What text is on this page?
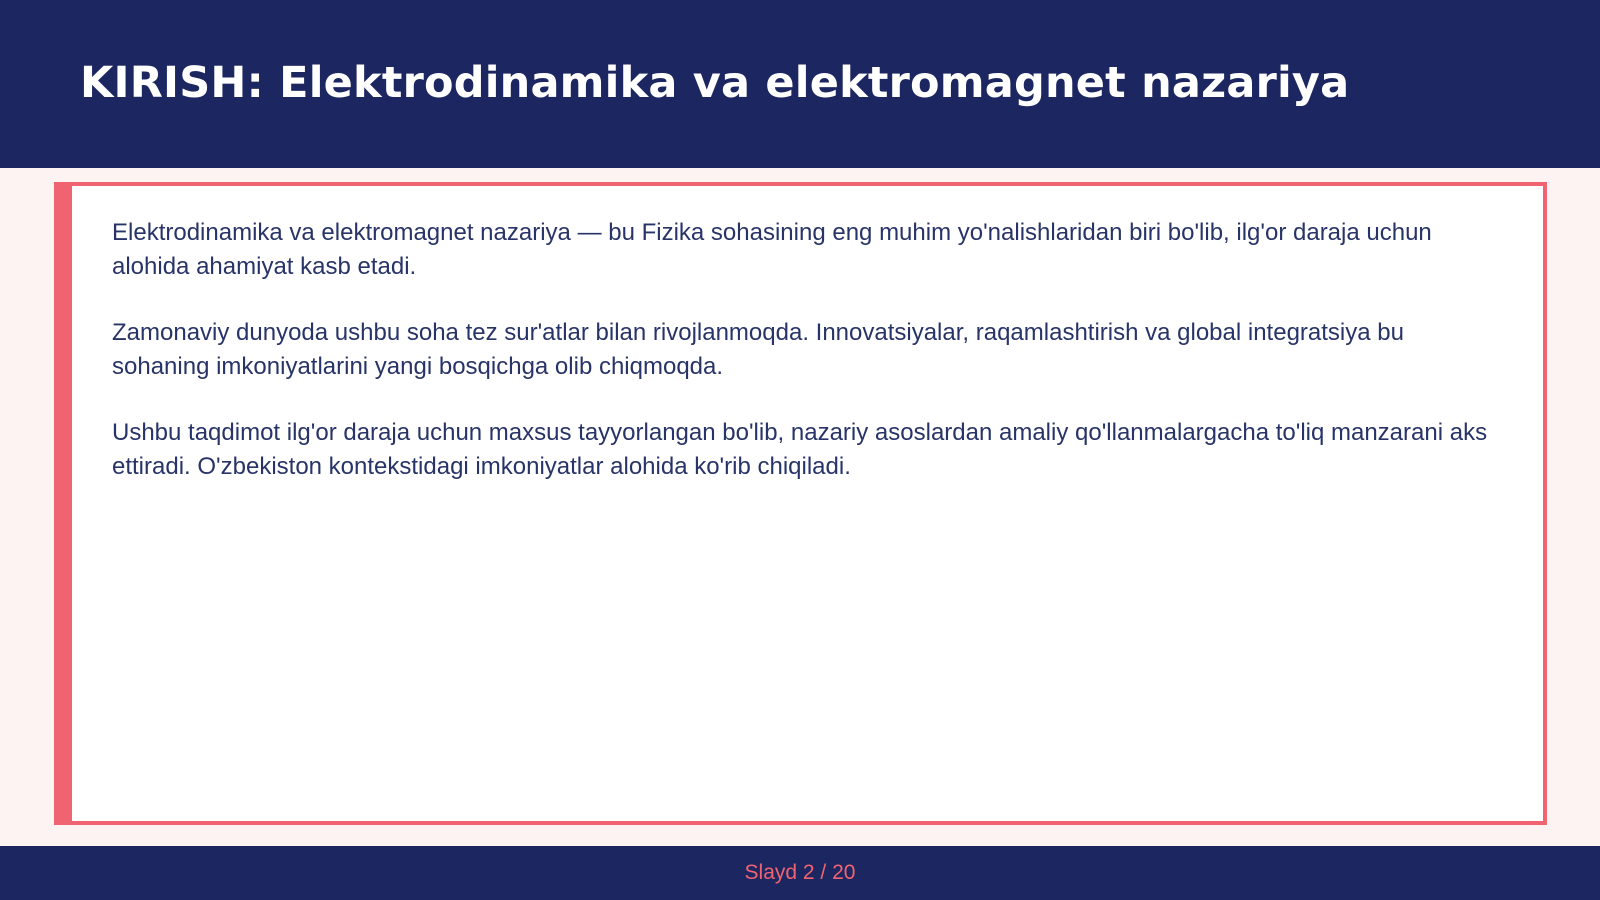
KIRISH: Elektrodinamika va elektromagnet nazariya

Elektrodinamika va elektromagnet nazariya — bu Fizika sohasining eng muhim yo'nalishlaridan biri bo'lib, ilg'or daraja uchun alohida ahamiyat kasb etadi.

Zamonaviy dunyoda ushbu soha tez sur'atlar bilan rivojlanmoqda. Innovatsiyalar, raqamlashtirish va global integratsiya bu sohaning imkoniyatlarini yangi bosqichga olib chiqmoqda.

Ushbu taqdimot ilg'or daraja uchun maxsus tayyorlangan bo'lib, nazariy asoslardan amaliy qo'llanmalargacha to'liq manzarani aks ettiradi. O'zbekiston kontekstidagi imkoniyatlar alohida ko'rib chiqiladi.

Slayd 2 / 20
